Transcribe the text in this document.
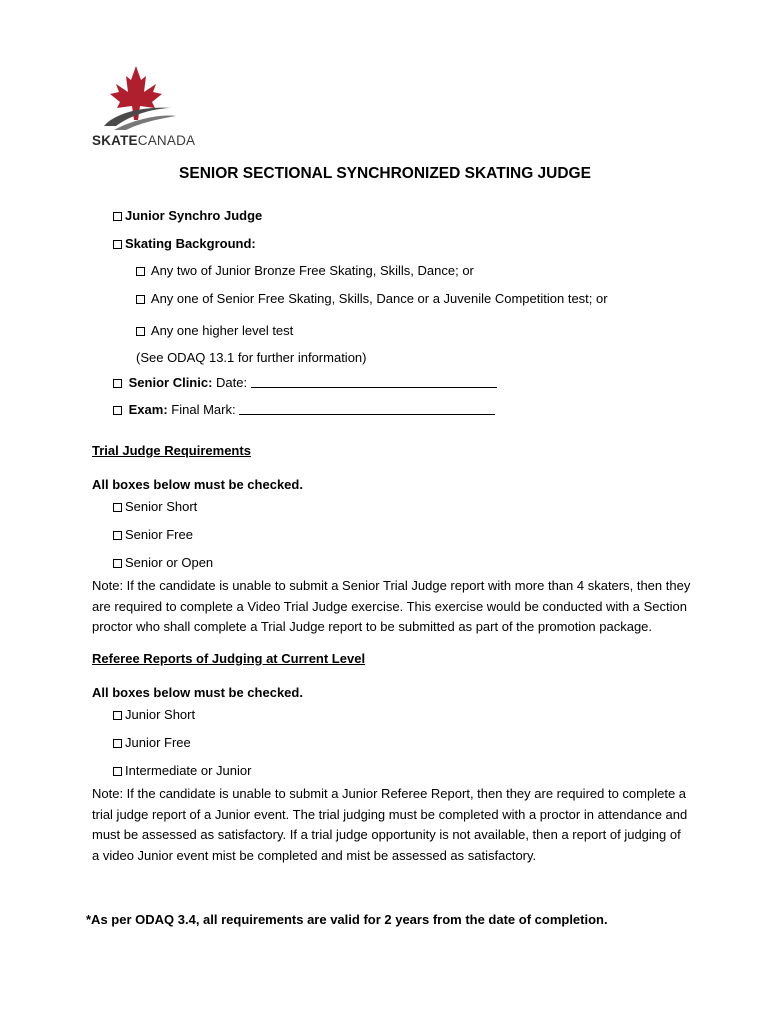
SKATECANADA
SENIOR SECTIONAL SYNCHRONIZED SKATING JUDGE
Junior Synchro Judge
Skating Background:
Any two of Junior Bronze Free Skating, Skills, Dance; or
Any one of Senior Free Skating, Skills, Dance or a Juvenile Competition test; or
Any one higher level test
(See ODAQ 13.1 for further information)
Senior Clinic: Date:
Exam: Final Mark:
Trial Judge Requirements
All boxes below must be checked.
Senior Short
Senior Free
Senior or Open
Note: If the candidate is unable to submit a Senior Trial Judge report with more than 4 skaters, then they are required to complete a Video Trial Judge exercise. This exercise would be conducted with a Section proctor who shall complete a Trial Judge report to be submitted as part of the promotion package.
Referee Reports of Judging at Current Level
All boxes below must be checked.
Junior Short
Junior Free
Intermediate or Junior
Note: If the candidate is unable to submit a Junior Referee Report, then they are required to complete a trial judge report of a Junior event. The trial judging must be completed with a proctor in attendance and must be assessed as satisfactory. If a trial judge opportunity is not available, then a report of judging of a video Junior event mist be completed and mist be assessed as satisfactory.
*As per ODAQ 3.4, all requirements are valid for 2 years from the date of completion.
